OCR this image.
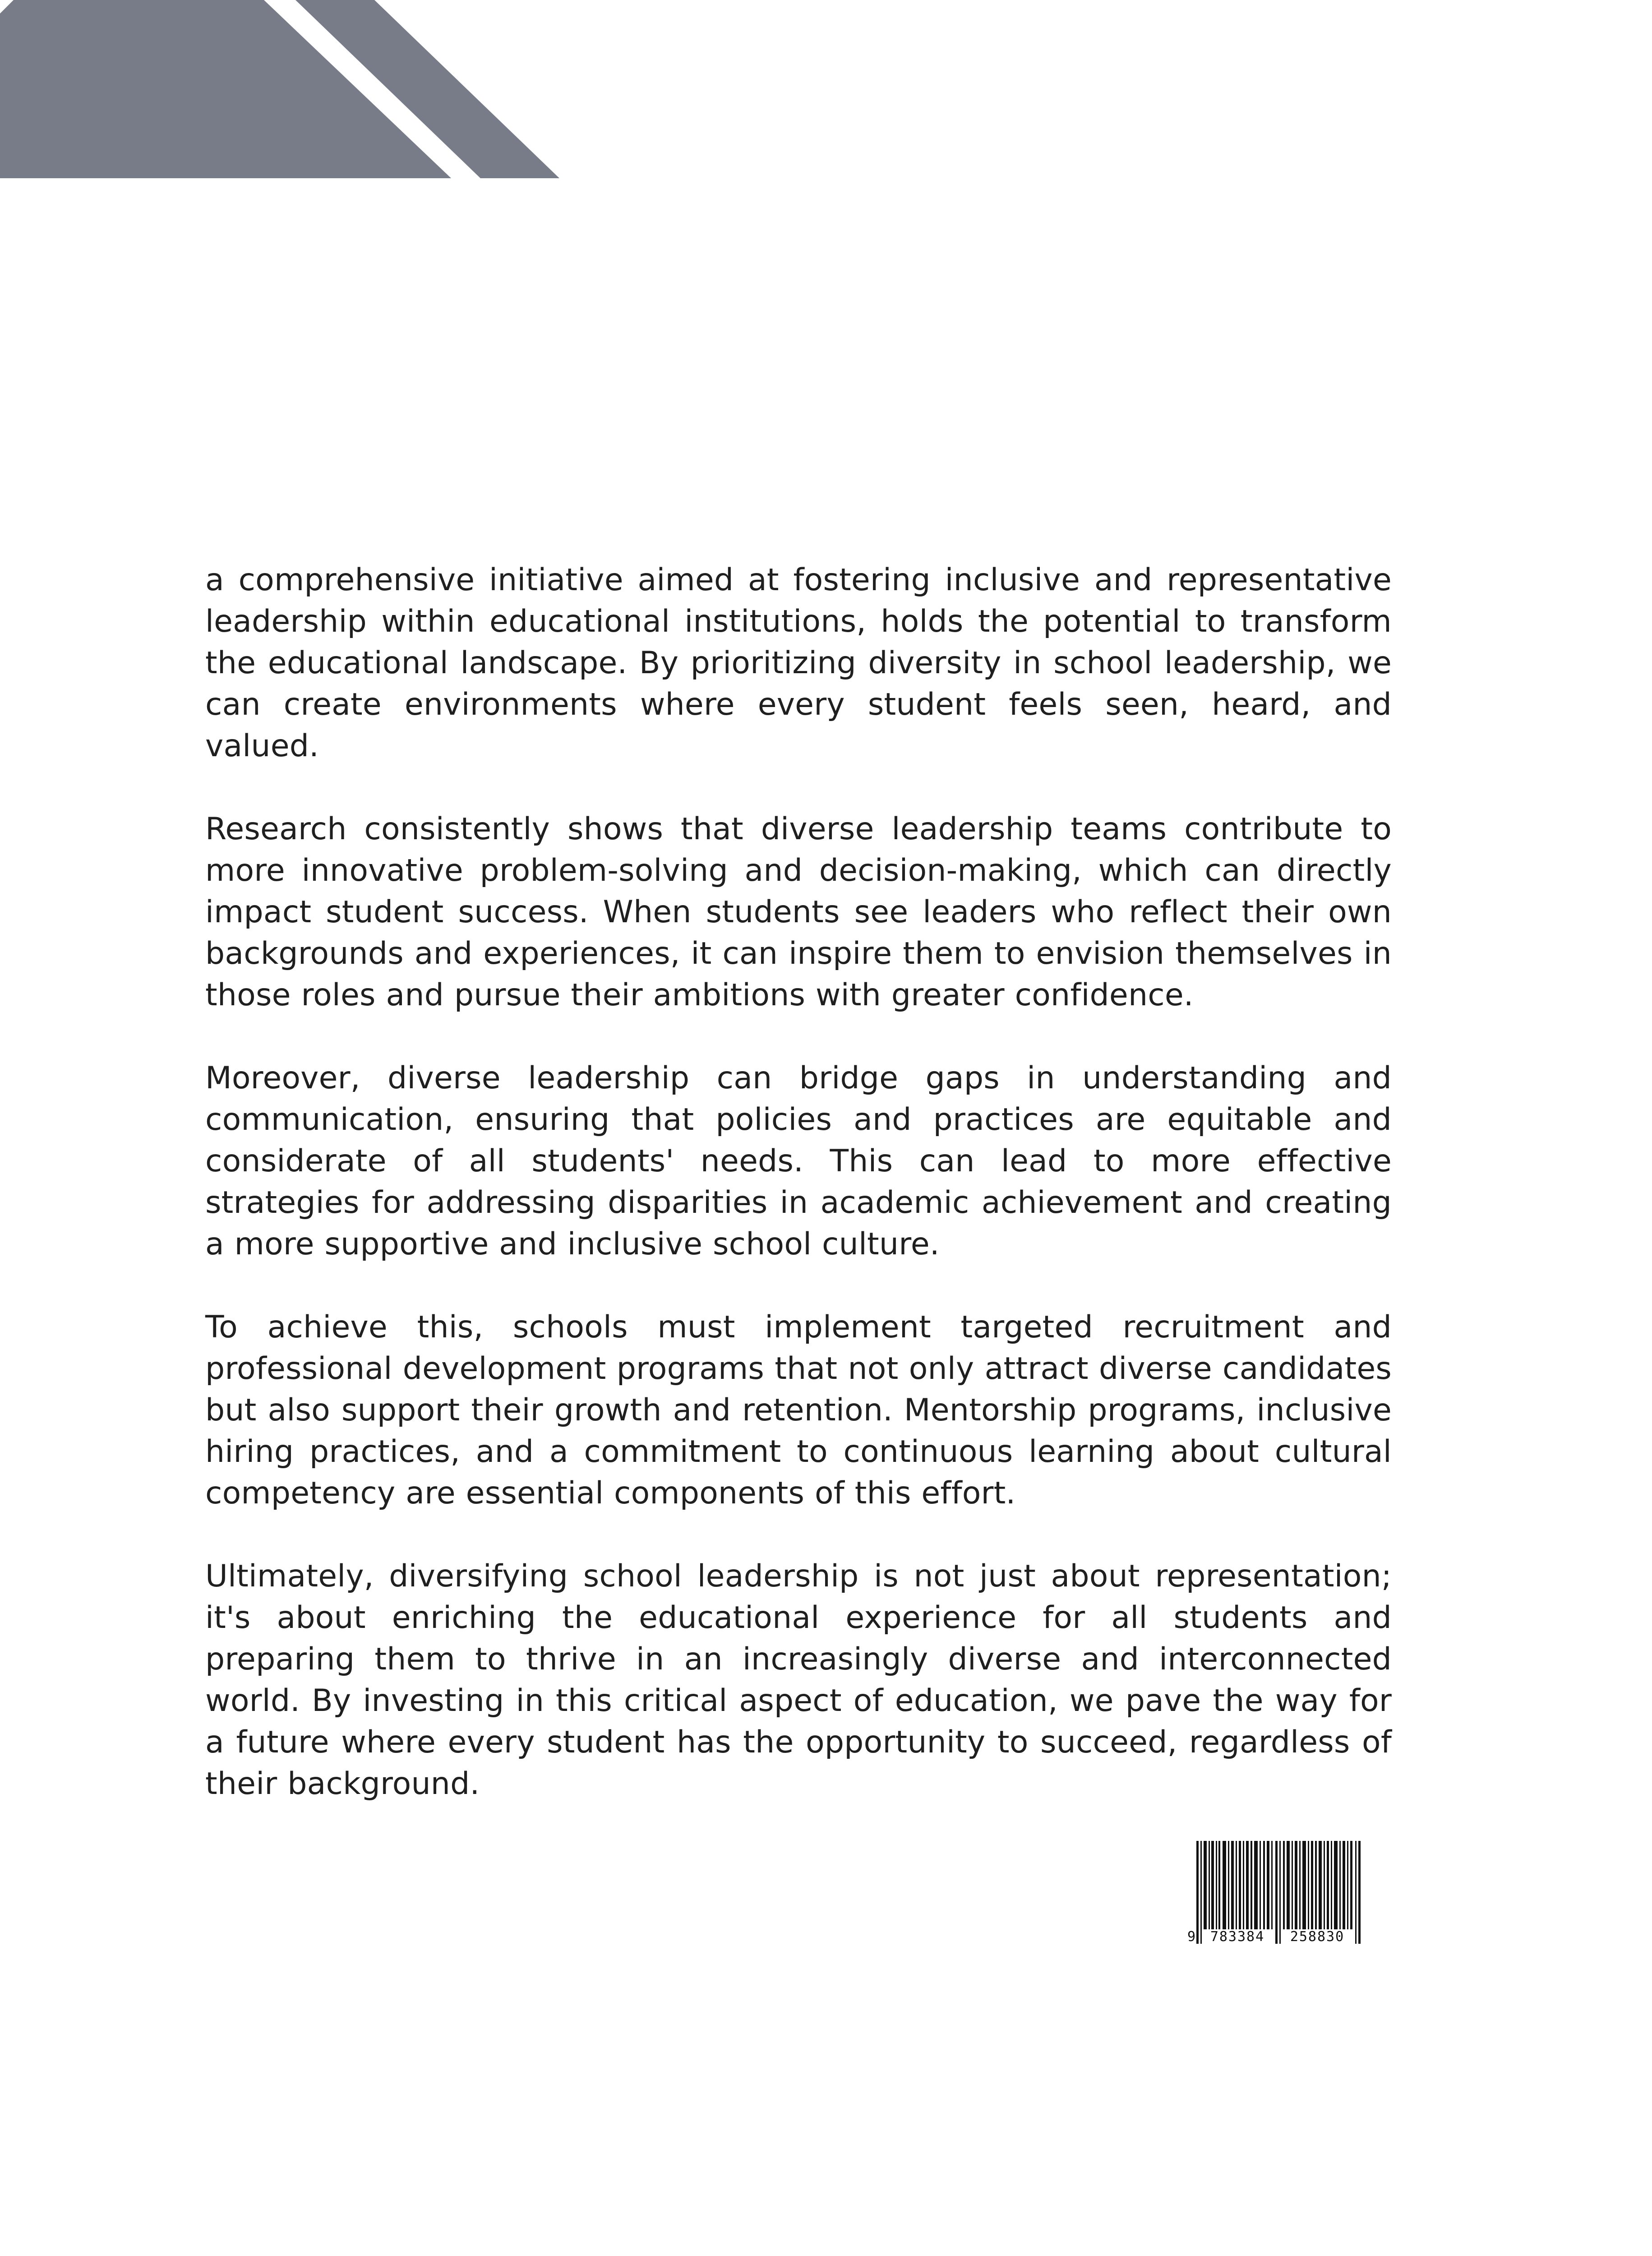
a comprehensive initiative aimed at fostering inclusive and representative leadership within educational institutions, holds the potential to transform the educational landscape. By prioritizing diversity in school leadership, we can create environments where every student feels seen, heard, and valued.

Research consistently shows that diverse leadership teams contribute to more innovative problem-solving and decision-making, which can directly impact student success. When students see leaders who reflect their own backgrounds and experiences, it can inspire them to envision themselves in those roles and pursue their ambitions with greater confidence.

Moreover, diverse leadership can bridge gaps in understanding and communication, ensuring that policies and practices are equitable and considerate of all students' needs. This can lead to more effective strategies for addressing disparities in academic achievement and creating a more supportive and inclusive school culture.

To achieve this, schools must implement targeted recruitment and professional development programs that not only attract diverse candidates but also support their growth and retention. Mentorship programs, inclusive hiring practices, and a commitment to continuous learning about cultural competency are essential components of this effort.

Ultimately, diversifying school leadership is not just about representation; it's about enriching the educational experience for all students and preparing them to thrive in an increasingly diverse and interconnected world. By investing in this critical aspect of education, we pave the way for a future where every student has the opportunity to succeed, regardless of their background.

9 783384 258830
